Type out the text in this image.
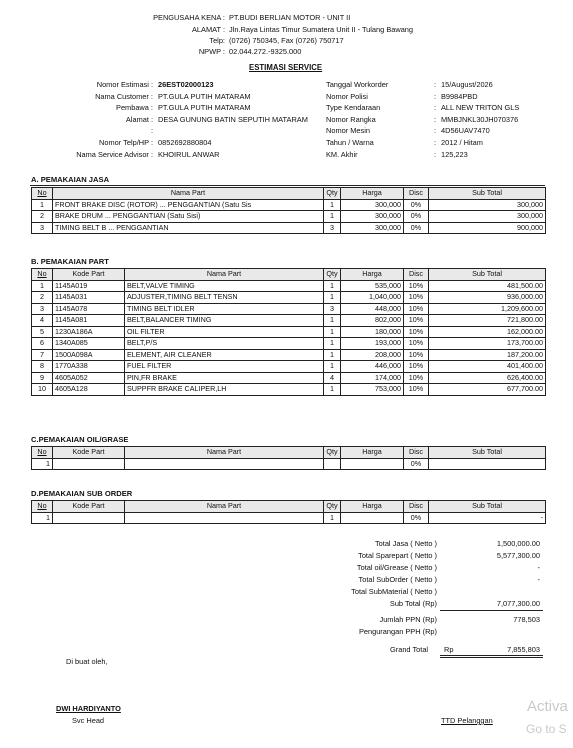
PENGUSAHA KENA : PT.BUDI BERLIAN MOTOR - UNIT II
ALAMAT : Jln.Raya Lintas Timur Sumatera Unit II - Tulang Bawang
Telp: (0726) 750345, Fax (0726) 750717
NPWP : 02.044.272.-9325.000
ESTIMASI SERVICE
Nomor Estimasi : 26EST02000123
Nama Customer : PT.GULA PUTIH MATARAM
Pembawa : PT.GULA PUTIH MATARAM
Alamat : DESA GUNUNG BATIN SEPUTIH MATARAM
:
Nomor Telp/HP : 0852692880804
Nama Service Advisor : KHOIRUL ANWAR
Tanggal Workorder	: 15/August/2026
Nomor Polisi	: B9984PBD
Type Kendaraan	: ALL NEW TRITON GLS
Nomor Rangka	: MMBJNKL30JH070376
Nomor Mesin	: 4D56UAV7470
Tahun / Warna	: 2012 / Hitam
KM. Akhir	: 125,223
A. PEMAKAIAN JASA
No	Nama Part	Qty	Harga	Disc	Sub Total
1	FRONT BRAKE DISC (ROTOR) ... PENGGANTIAN (Satu Sis	1	300,000	0%	300,000
2	BRAKE DRUM ... PENGGANTIAN (Satu Sisi)	1	300,000	0%	300,000
3	TIMING BELT B ... PENGGANTIAN	3	300,000	0%	900,000
B. PEMAKAIAN PART
No	Kode Part	Nama Part	Qty	Harga	Disc	Sub Total
1	1145A019	BELT,VALVE TIMING	1	535,000	10%	481,500.00
2	1145A031	ADJUSTER,TIMING BELT TENSN	1	1,040,000	10%	936,000.00
3	1145A078	TIMING BELT IDLER	3	448,000	10%	1,209,600.00
4	1145A081	BELT,BALANCER TIMING	1	802,000	10%	721,800.00
5	1230A186A	OIL FILTER	1	180,000	10%	162,000.00
6	1340A085	BELT,P/S	1	193,000	10%	173,700.00
7	1500A098A	ELEMENT, AIR CLEANER	1	208,000	10%	187,200.00
8	1770A338	FUEL FILTER	1	446,000	10%	401,400.00
9	4605A052	PIN,FR BRAKE	4	174,000	10%	626,400.00
10	4605A128	SUPPFR BRAKE CALIPER,LH	1	753,000	10%	677,700.00
C.PEMAKAIAN OIL/GRASE
No	Kode Part	Nama Part	Qty	Harga	Disc	Sub Total
1					0%	
D.PEMAKAIAN SUB ORDER
No	Kode Part	Nama Part	Qty	Harga	Disc	Sub Total
1			1		0%	-
Total Jasa ( Netto )	1,500,000.00
Total Sparepart ( Netto )	5,577,300.00
Total oil/Grease ( Netto )	-
Total SubOrder ( Netto )	-
Total SubMaterial ( Netto )
Sub Total (Rp)	7,077,300.00
Jumlah PPN (Rp)	778,503
Pengurangan PPH (Rp)
Grand Total Rp	7,855,803
Di buat oleh,
DWI HARDIYANTO
Svc Head	TTD Pelanggan
Activa
Go to S
